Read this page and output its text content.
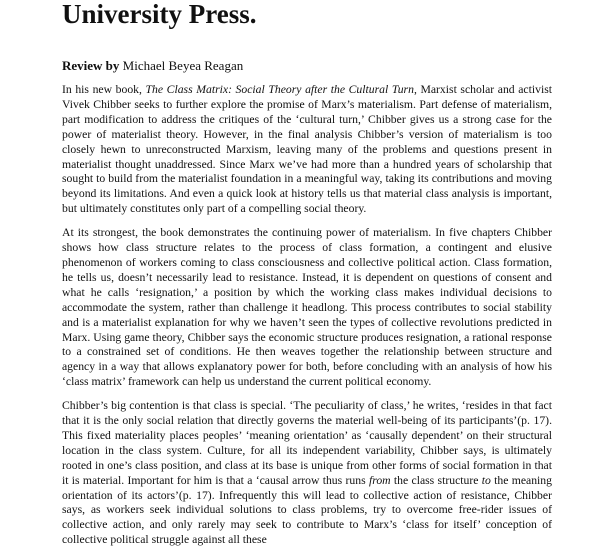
University Press.
Review by Michael Beyea Reagan

In his new book, The Class Matrix: Social Theory after the Cultural Turn, Marxist scholar and activist Vivek Chibber seeks to further explore the promise of Marx’s materialism. Part defense of materialism, part modification to address the critiques of the ‘cultural turn,’ Chibber gives us a strong case for the power of materialist theory. However, in the final analysis Chibber’s version of materialism is too closely hewn to unreconstructed Marxism, leaving many of the problems and questions present in materialist thought unaddressed. Since Marx we’ve had more than a hundred years of scholarship that sought to build from the materialist foundation in a meaningful way, taking its contributions and moving beyond its limitations. And even a quick look at history tells us that material class analysis is important, but ultimately constitutes only part of a compelling social theory.

At its strongest, the book demonstrates the continuing power of materialism. In five chapters Chibber shows how class structure relates to the process of class formation, a contingent and elusive phenomenon of workers coming to class consciousness and collective political action. Class formation, he tells us, doesn’t necessarily lead to resistance. Instead, it is dependent on questions of consent and what he calls ‘resignation,’ a position by which the working class makes individual decisions to accommodate the system, rather than challenge it headlong. This process contributes to social stability and is a materialist explanation for why we haven’t seen the types of collective revolutions predicted in Marx. Using game theory, Chibber says the economic structure produces resignation, a rational response to a constrained set of conditions. He then weaves together the relationship between structure and agency in a way that allows explanatory power for both, before concluding with an analysis of how his ‘class matrix’ framework can help us understand the current political economy.

Chibber’s big contention is that class is special. ‘The peculiarity of class,’ he writes, ‘resides in that fact that it is the only social relation that directly governs the material well-being of its participants’(p. 17). This fixed materiality places peoples’ ‘meaning orientation’ as ‘causally dependent’ on their structural location in the class system. Culture, for all its independent variability, Chibber says, is ultimately rooted in one’s class position, and class at its base is unique from other forms of social formation in that it is material. Important for him is that a ‘causal arrow thus runs from the class structure to the meaning orientation of its actors’(p. 17). Infrequently this will lead to collective action of resistance, Chibber says, as workers seek individual solutions to class problems, try to overcome free-rider issues of collective action, and only rarely may seek to contribute to Marx’s ‘class for itself’ conception of collective political struggle against all these
